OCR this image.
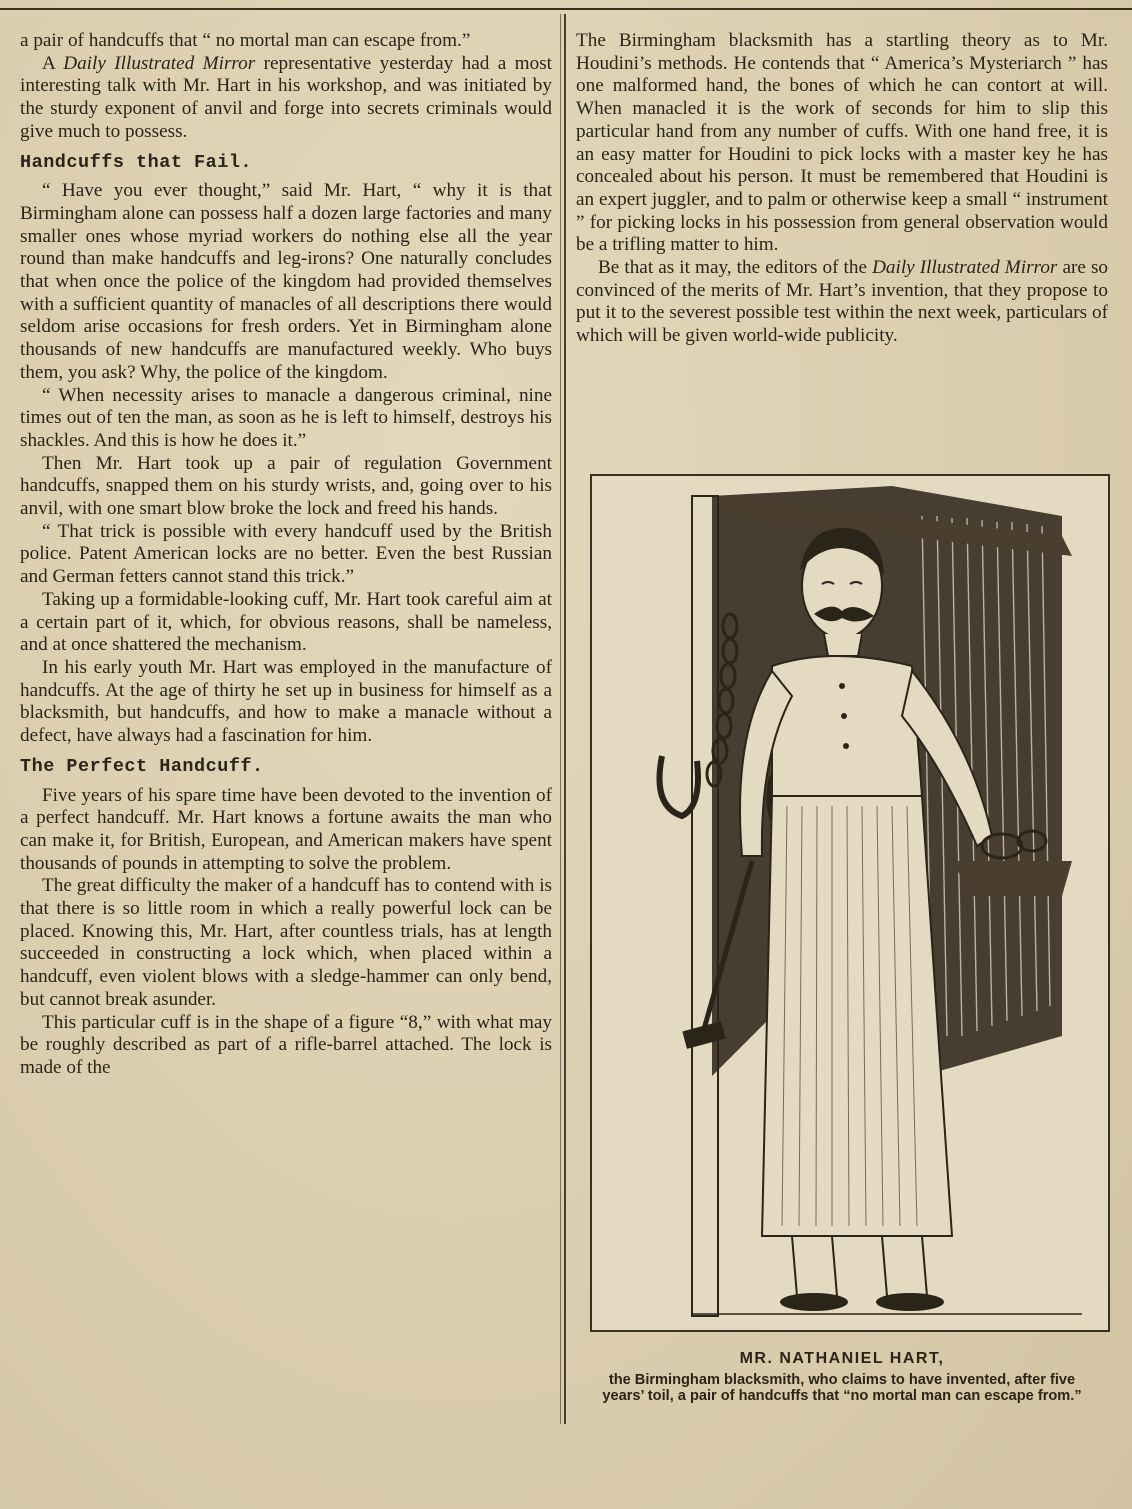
a pair of handcuffs that “ no mortal man can escape from.”

A Daily Illustrated Mirror representative yesterday had a most interesting talk with Mr. Hart in his workshop, and was initiated by the sturdy exponent of anvil and forge into secrets criminals would give much to possess.

Handcuffs that Fail.

“ Have you ever thought,” said Mr. Hart, “ why it is that Birmingham alone can possess half a dozen large factories and many smaller ones whose myriad workers do nothing else all the year round than make handcuffs and leg-irons? One naturally concludes that when once the police of the kingdom had provided themselves with a sufficient quantity of manacles of all descriptions there would seldom arise occasions for fresh orders. Yet in Birmingham alone thousands of new handcuffs are manufactured weekly. Who buys them, you ask? Why, the police of the kingdom.

“ When necessity arises to manacle a dangerous criminal, nine times out of ten the man, as soon as he is left to himself, destroys his shackles. And this is how he does it.”

Then Mr. Hart took up a pair of regulation Government handcuffs, snapped them on his sturdy wrists, and, going over to his anvil, with one smart blow broke the lock and freed his hands.

“ That trick is possible with every handcuff used by the British police. Patent American locks are no better. Even the best Russian and German fetters cannot stand this trick.”

Taking up a formidable-looking cuff, Mr. Hart took careful aim at a certain part of it, which, for obvious reasons, shall be nameless, and at once shattered the mechanism.

In his early youth Mr. Hart was employed in the manufacture of handcuffs. At the age of thirty he set up in business for himself as a blacksmith, but handcuffs, and how to make a manacle without a defect, have always had a fascination for him.

The Perfect Handcuff.

Five years of his spare time have been devoted to the invention of a perfect handcuff. Mr. Hart knows a fortune awaits the man who can make it, for British, European, and American makers have spent thousands of pounds in attempting to solve the problem.

The great difficulty the maker of a handcuff has to contend with is that there is so little room in which a really powerful lock can be placed. Knowing this, Mr. Hart, after countless trials, has at length succeeded in constructing a lock which, when placed within a handcuff, even violent blows with a sledge-hammer can only bend, but cannot break asunder.

This particular cuff is in the shape of a figure “8,” with what may be roughly described as part of a rifle-barrel attached. The lock is made of the

The Birmingham blacksmith has a startling theory as to Mr. Houdini’s methods. He contends that “ America’s Mysteriarch ” has one malformed hand, the bones of which he can contort at will. When manacled it is the work of seconds for him to slip this particular hand from any number of cuffs. With one hand free, it is an easy matter for Houdini to pick locks with a master key he has concealed about his person. It must be remembered that Houdini is an expert juggler, and to palm or otherwise keep a small “ instrument ” for picking locks in his possession from general observation would be a trifling matter to him.

Be that as it may, the editors of the Daily Illustrated Mirror are so convinced of the merits of Mr. Hart’s invention, that they propose to put it to the severest possible test within the next week, particulars of which will be given world-wide publicity.

MR. NATHANIEL HART,
the Birmingham blacksmith, who claims to have invented, after five years’ toil, a pair of handcuffs that “no mortal man can escape from.”
